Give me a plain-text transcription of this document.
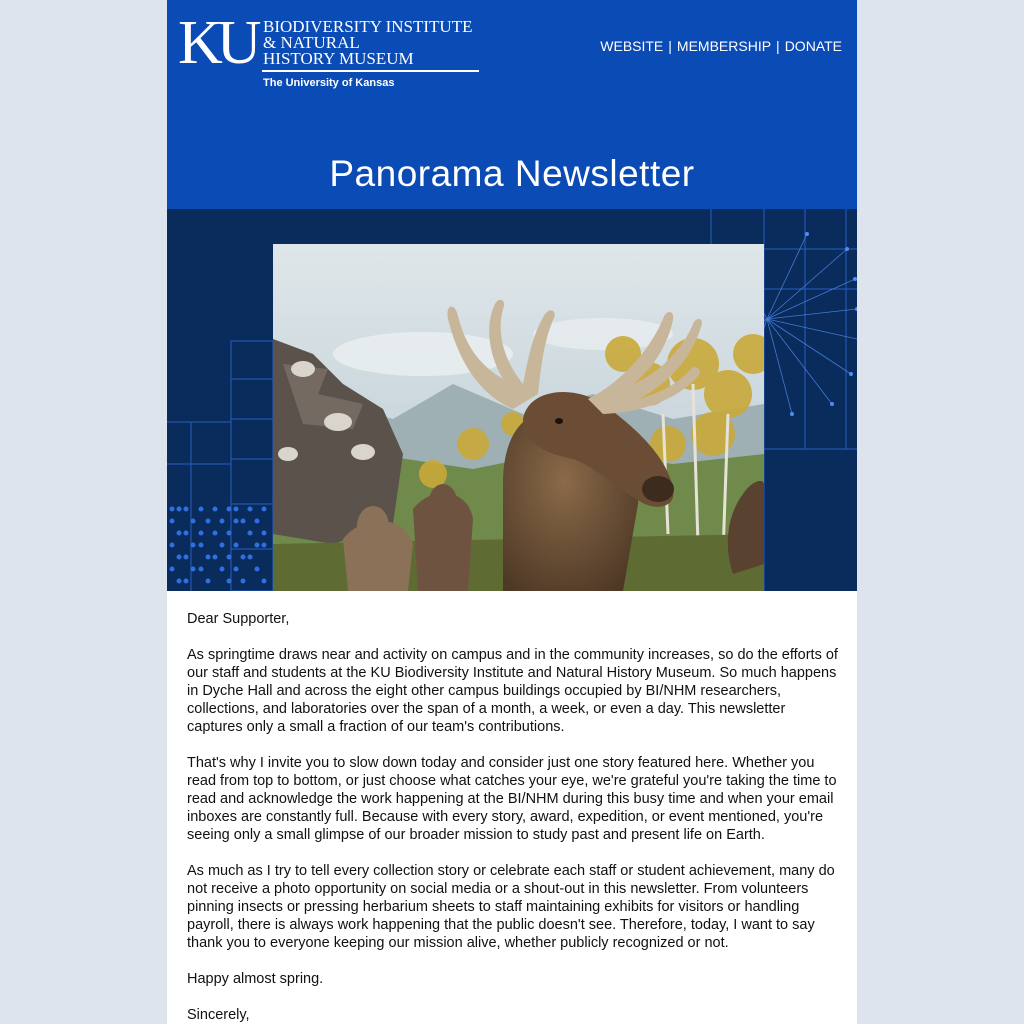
KU BIODIVERSITY INSTITUTE
& NATURAL
HISTORY MUSEUM
The University of Kansas
WEBSITE | MEMBERSHIP | DONATE
Panorama Newsletter

Dear Supporter,

As springtime draws near and activity on campus and in the community increases, so do the efforts of our staff and students at the KU Biodiversity Institute and Natural History Museum. So much happens in Dyche Hall and across the eight other campus buildings occupied by BI/NHM researchers, collections, and laboratories over the span of a month, a week, or even a day. This newsletter captures only a small a fraction of our team's contributions.

That's why I invite you to slow down today and consider just one story featured here. Whether you read from top to bottom, or just choose what catches your eye, we're grateful you're taking the time to read and acknowledge the work happening at the BI/NHM during this busy time and when your email inboxes are constantly full. Because with every story, award, expedition, or event mentioned, you're seeing only a small glimpse of our broader mission to study past and present life on Earth.

As much as I try to tell every collection story or celebrate each staff or student achievement, many do not receive a photo opportunity on social media or a shout-out in this newsletter. From volunteers pinning insects or pressing herbarium sheets to staff maintaining exhibits for visitors or handling payroll, there is always work happening that the public doesn't see. Therefore, today, I want to say thank you to everyone keeping our mission alive, whether publicly recognized or not.

Happy almost spring.

Sincerely,
